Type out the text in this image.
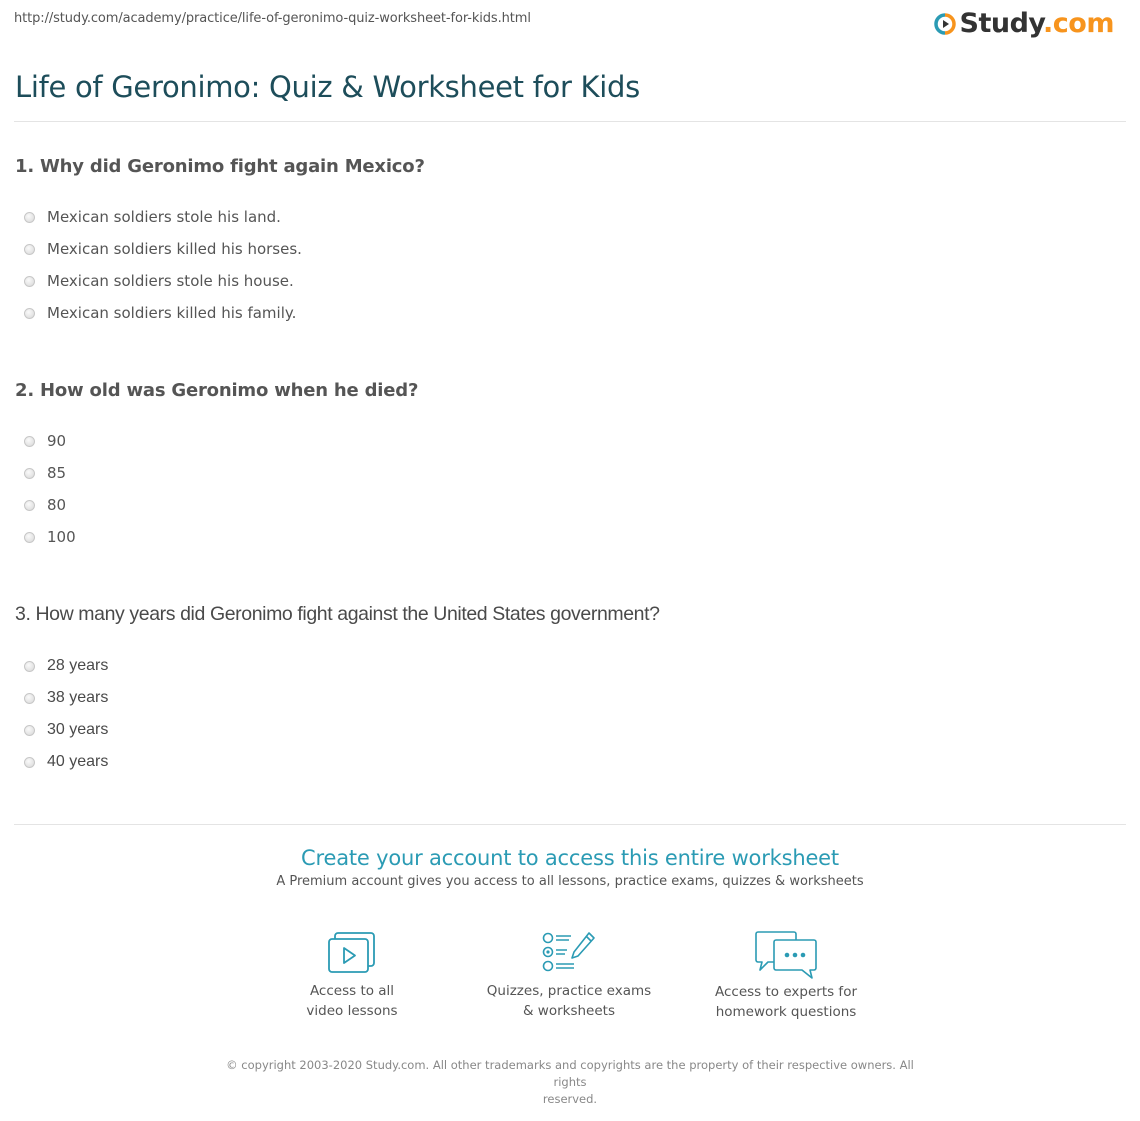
http://study.com/academy/practice/life-of-geronimo-quiz-worksheet-for-kids.html	Study.com
Life of Geronimo: Quiz & Worksheet for Kids
1. Why did Geronimo fight again Mexico?
Mexican soldiers stole his land.
Mexican soldiers killed his horses.
Mexican soldiers stole his house.
Mexican soldiers killed his family.
2. How old was Geronimo when he died?
90
85
80
100
3. How many years did Geronimo fight against the United States government?
28 years
38 years
30 years
40 years
Create your account to access this entire worksheet
A Premium account gives you access to all lessons, practice exams, quizzes & worksheets
Access to all
video lessons
Quizzes, practice exams
& worksheets
Access to experts for
homework questions
© copyright 2003-2020 Study.com. All other trademarks and copyrights are the property of their respective owners. All rights
reserved.
